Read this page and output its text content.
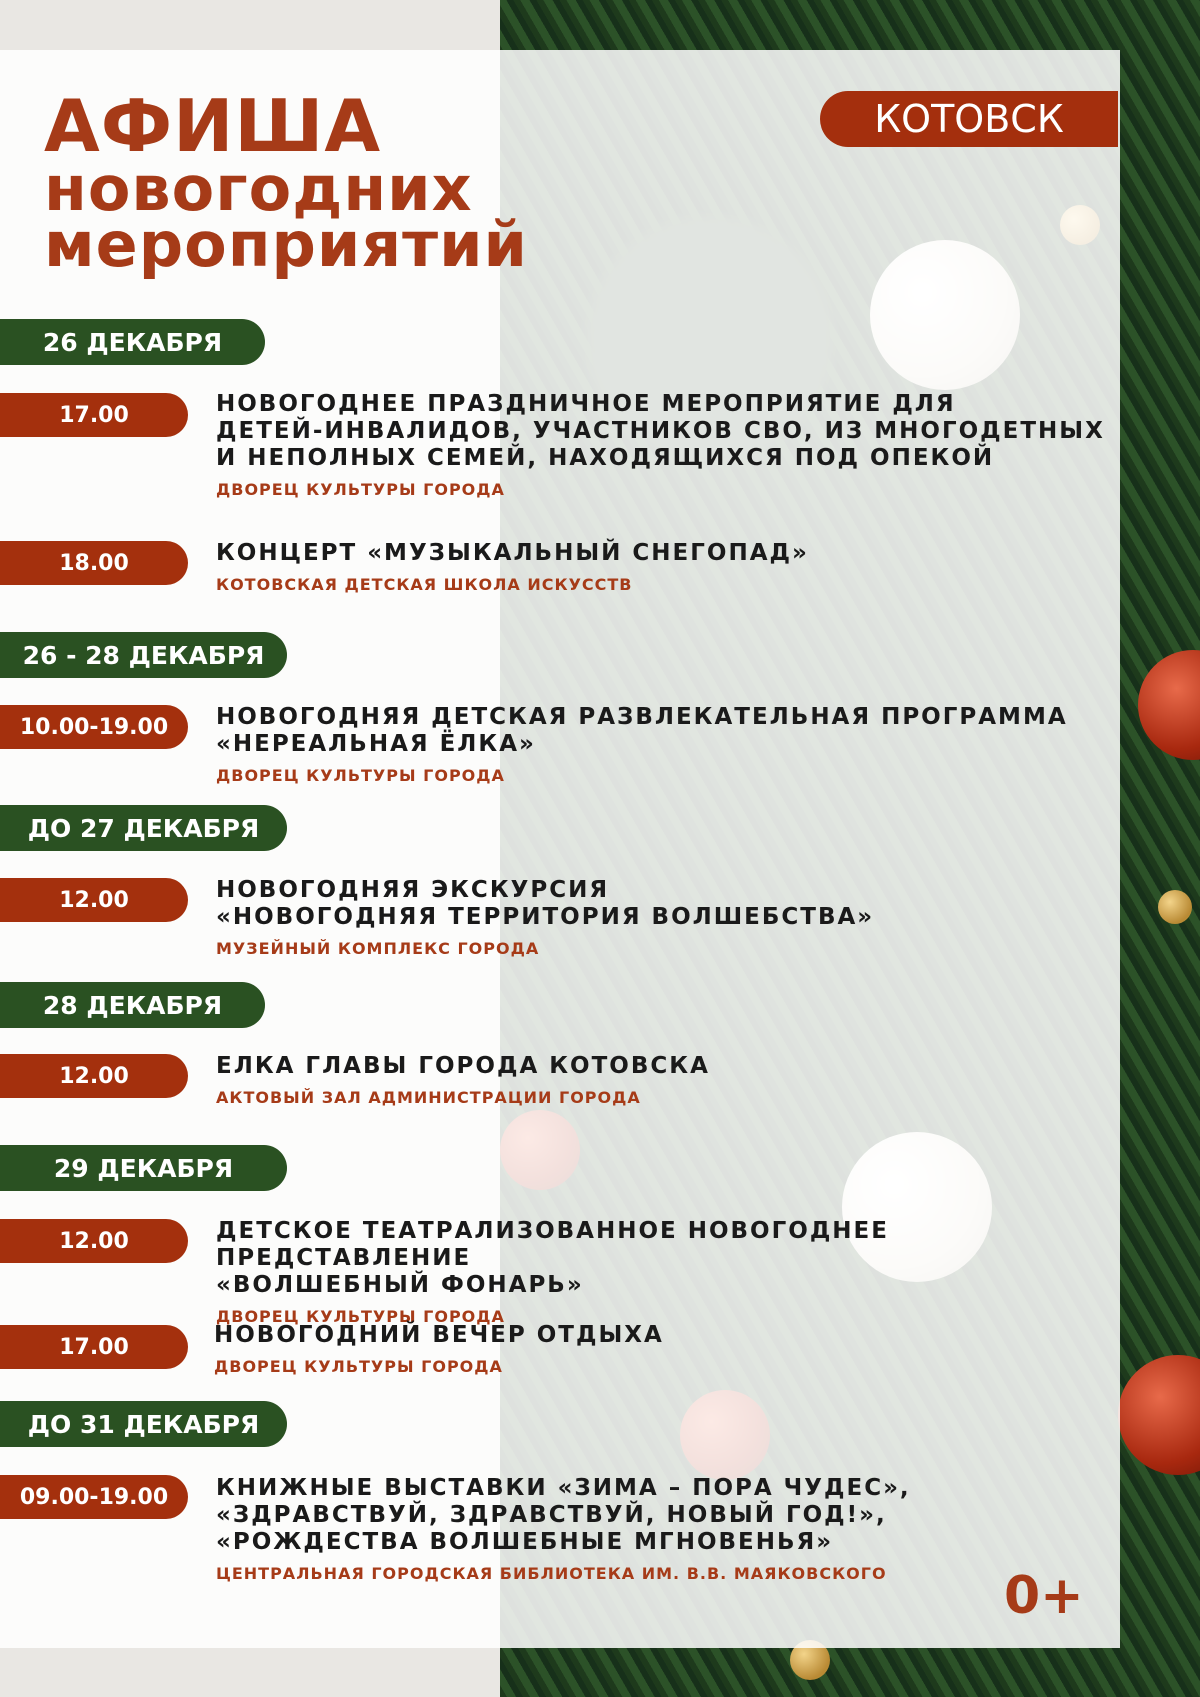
АФИША
новогодних
мероприятий
КОТОВСК
26 ДЕКАБРЯ
17.00	НОВОГОДНЕЕ ПРАЗДНИЧНОЕ МЕРОПРИЯТИЕ ДЛЯ
ДЕТЕЙ-ИНВАЛИДОВ, УЧАСТНИКОВ СВО, ИЗ МНОГОДЕТНЫХ
И НЕПОЛНЫХ СЕМЕЙ, НАХОДЯЩИХСЯ ПОД ОПЕКОЙ
ДВОРЕЦ КУЛЬТУРЫ ГОРОДА
18.00	КОНЦЕРТ «МУЗЫКАЛЬНЫЙ СНЕГОПАД»
КОТОВСКАЯ ДЕТСКАЯ ШКОЛА ИСКУССТВ
26 - 28 ДЕКАБРЯ
10.00-19.00	НОВОГОДНЯЯ ДЕТСКАЯ РАЗВЛЕКАТЕЛЬНАЯ ПРОГРАММА
«НЕРЕАЛЬНАЯ ЁЛКА»
ДВОРЕЦ КУЛЬТУРЫ ГОРОДА
ДО 27 ДЕКАБРЯ
12.00	НОВОГОДНЯЯ ЭКСКУРСИЯ
«НОВОГОДНЯЯ ТЕРРИТОРИЯ ВОЛШЕБСТВА»
МУЗЕЙНЫЙ КОМПЛЕКС ГОРОДА
28 ДЕКАБРЯ
12.00	ЕЛКА ГЛАВЫ ГОРОДА КОТОВСКА
АКТОВЫЙ ЗАЛ АДМИНИСТРАЦИИ ГОРОДА
29 ДЕКАБРЯ
12.00	ДЕТСКОЕ ТЕАТРАЛИЗОВАННОЕ НОВОГОДНЕЕ ПРЕДСТАВЛЕНИЕ
«ВОЛШЕБНЫЙ ФОНАРЬ»
ДВОРЕЦ КУЛЬТУРЫ ГОРОДА
17.00	НОВОГОДНИЙ ВЕЧЕР ОТДЫХА
ДВОРЕЦ КУЛЬТУРЫ ГОРОДА
ДО 31 ДЕКАБРЯ
09.00-19.00	КНИЖНЫЕ ВЫСТАВКИ «ЗИМА – ПОРА ЧУДЕС»,
«ЗДРАВСТВУЙ, ЗДРАВСТВУЙ, НОВЫЙ ГОД!»,
«РОЖДЕСТВА ВОЛШЕБНЫЕ МГНОВЕНЬЯ»
ЦЕНТРАЛЬНАЯ ГОРОДСКАЯ БИБЛИОТЕКА ИМ. В.В. МАЯКОВСКОГО	0+
